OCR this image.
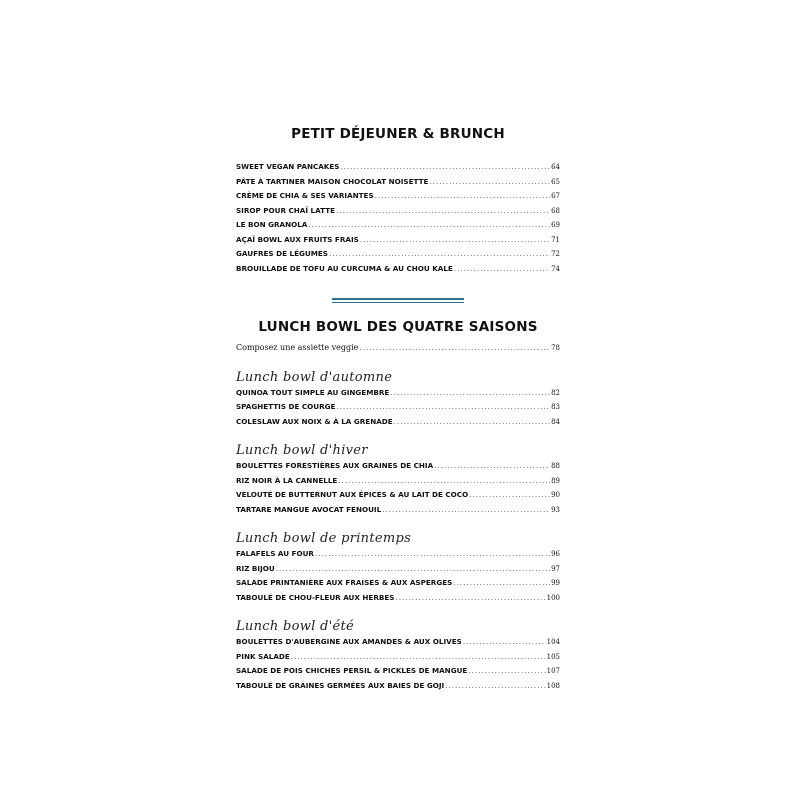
PETIT DÉJEUNER & BRUNCH
SWEET VEGAN PANCAKES .....	64
PÂTE À TARTINER MAISON CHOCOLAT NOISETTE .....	65
CRÈME DE CHIA & SES VARIANTES .....	67
SIROP POUR CHAÏ LATTE .....	68
LE BON GRANOLA .....	69
AÇAÏ BOWL AUX FRUITS FRAIS .....	71
GAUFRES DE LÉGUMES .....	72
BROUILLADE DE TOFU AU CURCUMA & AU CHOU KALE .....	74
LUNCH BOWL DES QUATRE SAISONS
Composez une assiette veggie .....	78
Lunch bowl d'automne
QUINOA TOUT SIMPLE AU GINGEMBRE .....	82
SPAGHETTIS DE COURGE .....	83
COLESLAW AUX NOIX & À LA GRENADE .....	84
Lunch bowl d'hiver
BOULETTES FORESTIÈRES AUX GRAINES DE CHIA .....	88
RIZ NOIR À LA CANNELLE .....	89
VELOUTÉ DE BUTTERNUT AUX ÉPICES & AU LAIT DE COCO .....	90
TARTARE MANGUE AVOCAT FENOUIL .....	93
Lunch bowl de printemps
FALAFELS AU FOUR .....	96
RIZ BIJOU .....	97
SALADE PRINTANIÈRE AUX FRAISES & AUX ASPERGES .....	99
TABOULÉ DE CHOU-FLEUR AUX HERBES .....	100
Lunch bowl d'été
BOULETTES D'AUBERGINE AUX AMANDES & AUX OLIVES .....	104
PINK SALADE .....	105
SALADE DE POIS CHICHES PERSIL & PICKLES DE MANGUE .....	107
TABOULÉ DE GRAINES GERMÉES AUX BAIES DE GOJI .....	108
